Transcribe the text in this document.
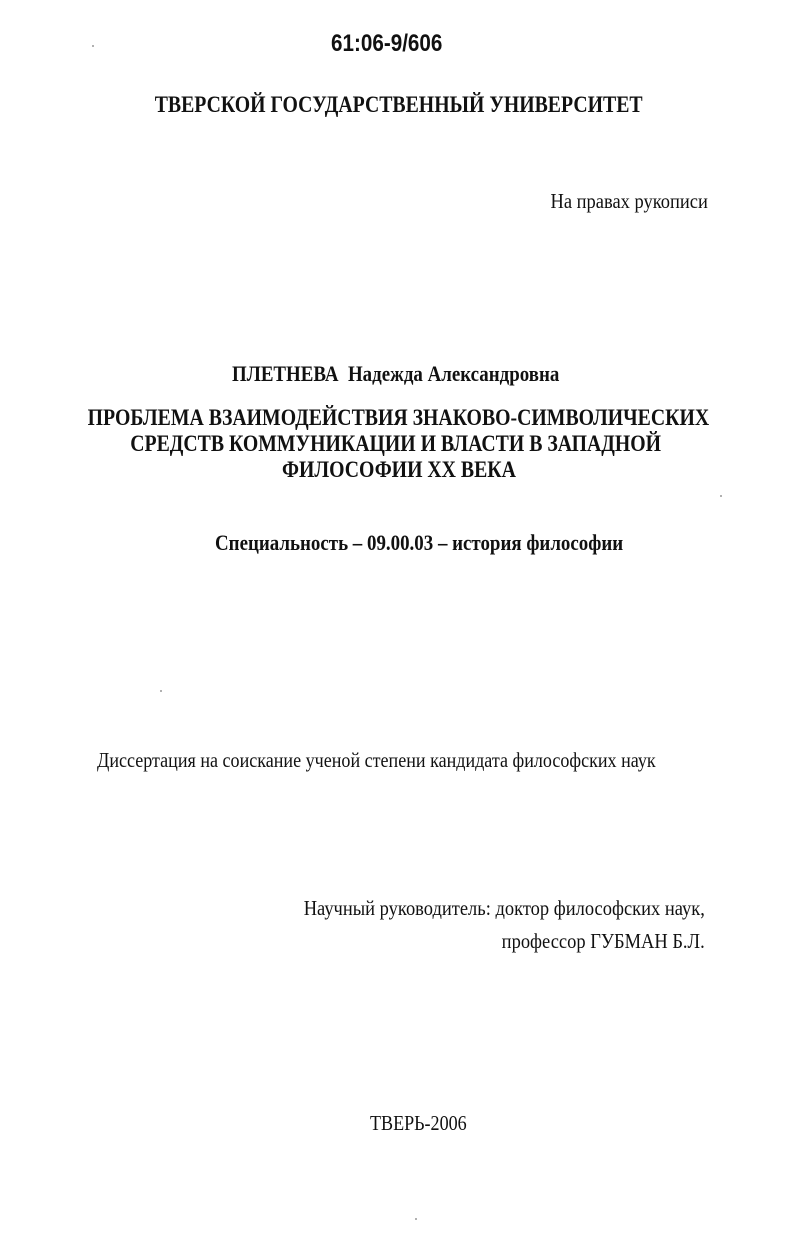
61:06-9/606
ТВЕРСКОЙ ГОСУДАРСТВЕННЫЙ УНИВЕРСИТЕТ
На правах рукописи
ПЛЕТНЕВА Надежда Александровна
ПРОБЛЕМА ВЗАИМОДЕЙСТВИЯ ЗНАКОВО-СИМВОЛИЧЕСКИХ
СРЕДСТВ КОММУНИКАЦИИ И ВЛАСТИ В ЗАПАДНОЙ
ФИЛОСОФИИ XX ВЕКА
Специальность – 09.00.03 – история философии
Диссертация на соискание ученой степени кандидата философских наук
Научный руководитель: доктор философских наук,
профессор ГУБМАН Б.Л.
ТВЕРЬ-2006
